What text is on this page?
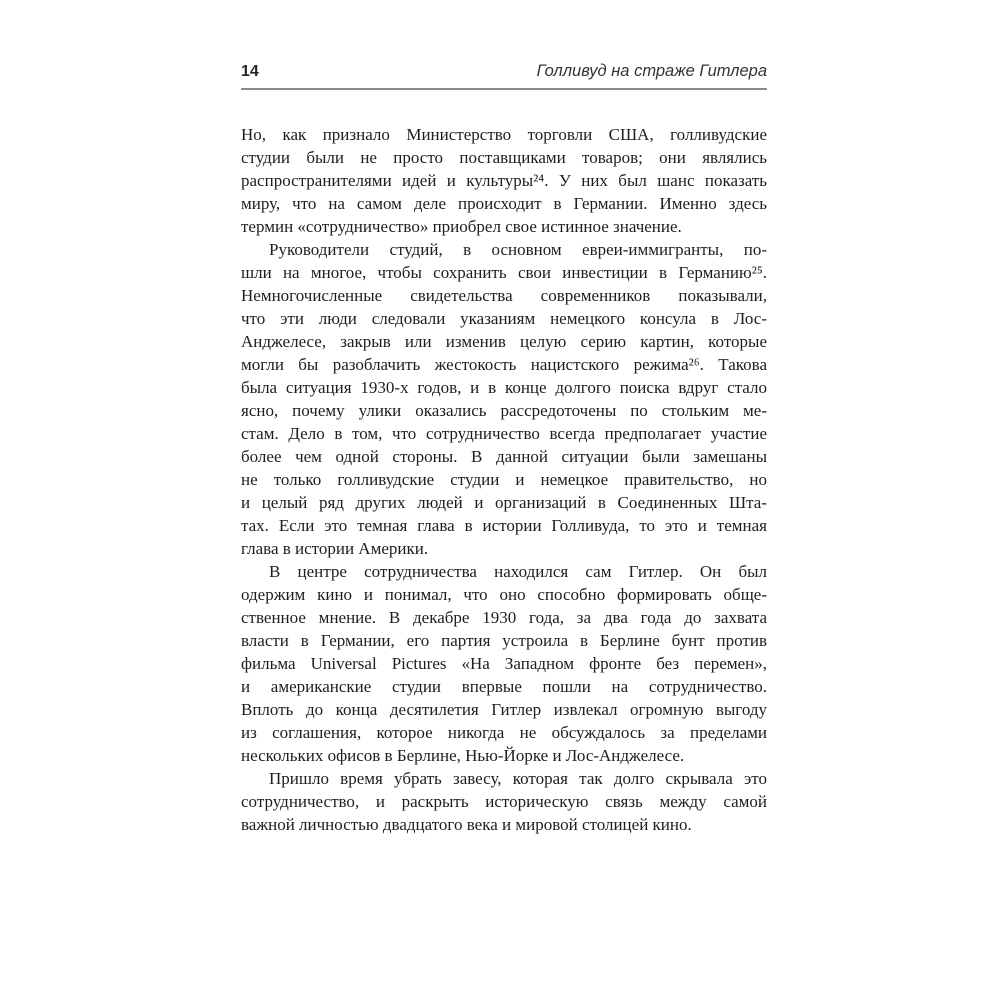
14	Голливуд на страже Гитлера
Но, как признало Министерство торговли США, голливудские
студии были не просто поставщиками товаров; они являлись
распространителями идей и культуры²⁴. У них был шанс показать
миру, что на самом деле происходит в Германии. Именно здесь
термин «сотрудничество» приобрел свое истинное значение.
Руководители студий, в основном евреи-иммигранты, по-
шли на многое, чтобы сохранить свои инвестиции в Германию²⁵.
Немногочисленные свидетельства современников показывали,
что эти люди следовали указаниям немецкого консула в Лос-
Анджелесе, закрыв или изменив целую серию картин, которые
могли бы разоблачить жестокость нацистского режима²⁶. Такова
была ситуация 1930-х годов, и в конце долгого поиска вдруг стало
ясно, почему улики оказались рассредоточены по стольким ме-
стам. Дело в том, что сотрудничество всегда предполагает участие
более чем одной стороны. В данной ситуации были замешаны
не только голливудские студии и немецкое правительство, но
и целый ряд других людей и организаций в Соединенных Шта-
тах. Если это темная глава в истории Голливуда, то это и темная
глава в истории Америки.
В центре сотрудничества находился сам Гитлер. Он был
одержим кино и понимал, что оно способно формировать обще-
ственное мнение. В декабре 1930 года, за два года до захвата
власти в Германии, его партия устроила в Берлине бунт против
фильма Universal Pictures «На Западном фронте без перемен»,
и американские студии впервые пошли на сотрудничество.
Вплоть до конца десятилетия Гитлер извлекал огромную выгоду
из соглашения, которое никогда не обсуждалось за пределами
нескольких офисов в Берлине, Нью-Йорке и Лос-Анджелесе.
Пришло время убрать завесу, которая так долго скрывала это
сотрудничество, и раскрыть историческую связь между самой
важной личностью двадцатого века и мировой столицей кино.
